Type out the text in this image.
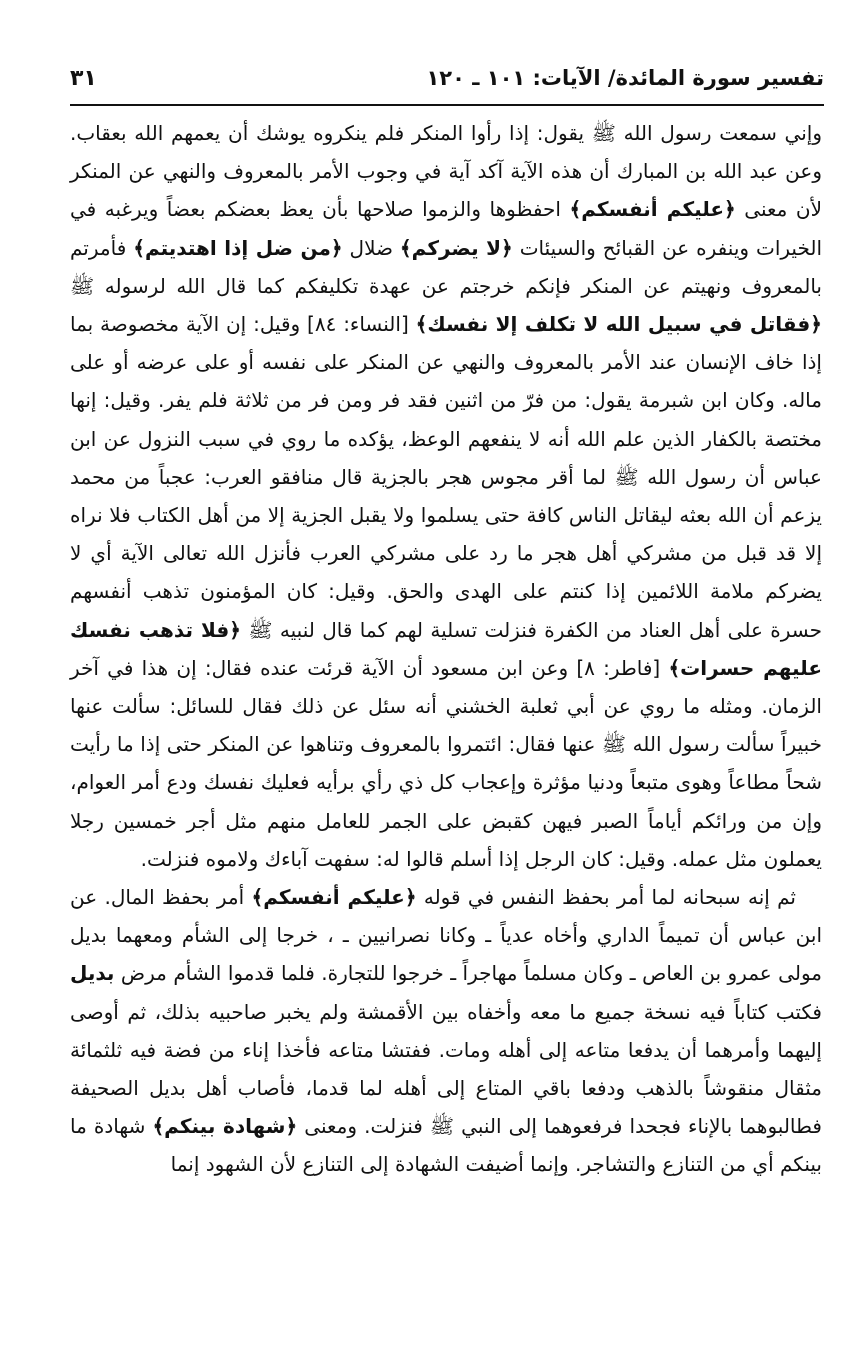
تفسير سورة المائدة/ الآيات: ١٠١ ـ ١٢٠
٣١

وإني سمعت رسول الله ﷺ يقول: إذا رأوا المنكر فلم ينكروه يوشك أن يعمهم الله بعقاب. وعن عبد الله بن المبارك أن هذه الآية آكد آية في وجوب الأمر بالمعروف والنهي عن المنكر لأن معنى ﴿عليكم أنفسكم﴾ احفظوها والزموا صلاحها بأن يعظ بعضكم بعضاً ويرغبه في الخيرات وينفره عن القبائح والسيئات ﴿لا يضركم﴾ ضلال ﴿من ضل إذا اهتديتم﴾ فأمرتم بالمعروف ونهيتم عن المنكر فإنكم خرجتم عن عهدة تكليفكم كما قال الله لرسوله ﷺ ﴿فقاتل في سبيل الله لا تكلف إلا نفسك﴾ [النساء: ٨٤] وقيل: إن الآية مخصوصة بما إذا خاف الإنسان عند الأمر بالمعروف والنهي عن المنكر على نفسه أو على عرضه أو على ماله. وكان ابن شبرمة يقول: من فرّ من اثنين فقد فر ومن فر من ثلاثة فلم يفر. وقيل: إنها مختصة بالكفار الذين علم الله أنه لا ينفعهم الوعظ، يؤكده ما روي في سبب النزول عن ابن عباس أن رسول الله ﷺ لما أقر مجوس هجر بالجزية قال منافقو العرب: عجباً من محمد يزعم أن الله بعثه ليقاتل الناس كافة حتى يسلموا ولا يقبل الجزية إلا من أهل الكتاب فلا نراه إلا قد قبل من مشركي أهل هجر ما رد على مشركي العرب فأنزل الله تعالى الآية أي لا يضركم ملامة اللائمين إذا كنتم على الهدى والحق. وقيل: كان المؤمنون تذهب أنفسهم حسرة على أهل العناد من الكفرة فنزلت تسلية لهم كما قال لنبيه ﷺ ﴿فلا تذهب نفسك عليهم حسرات﴾ [فاطر: ٨] وعن ابن مسعود أن الآية قرئت عنده فقال: إن هذا في آخر الزمان. ومثله ما روي عن أبي ثعلبة الخشني أنه سئل عن ذلك فقال للسائل: سألت عنها خبيراً سألت رسول الله ﷺ عنها فقال: ائتمروا بالمعروف وتناهوا عن المنكر حتى إذا ما رأيت شحاً مطاعاً وهوى متبعاً ودنيا مؤثرة وإعجاب كل ذي رأي برأيه فعليك نفسك ودع أمر العوام، وإن من ورائكم أياماً الصبر فيهن كقبض على الجمر للعامل منهم مثل أجر خمسين رجلا يعملون مثل عمله. وقيل: كان الرجل إذا أسلم قالوا له: سفهت آباءك ولاموه فنزلت.

ثم إنه سبحانه لما أمر بحفظ النفس في قوله ﴿عليكم أنفسكم﴾ أمر بحفظ المال. عن ابن عباس أن تميماً الداري وأخاه عدياً ـ وكانا نصرانيين ـ ، خرجا إلى الشأم ومعهما بديل مولى عمرو بن العاص ـ وكان مسلماً مهاجراً ـ خرجوا للتجارة. فلما قدموا الشأم مرض بديل فكتب كتاباً فيه نسخة جميع ما معه وأخفاه بين الأقمشة ولم يخبر صاحبيه بذلك، ثم أوصى إليهما وأمرهما أن يدفعا متاعه إلى أهله ومات. ففتشا متاعه فأخذا إناء من فضة فيه ثلثمائة مثقال منقوشاً بالذهب ودفعا باقي المتاع إلى أهله لما قدما، فأصاب أهل بديل الصحيفة فطالبوهما بالإناء فجحدا فرفعوهما إلى النبي ﷺ فنزلت. ومعنى ﴿شهادة بينكم﴾ شهادة ما بينكم أي من التنازع والتشاجر. وإنما أضيفت الشهادة إلى التنازع لأن الشهود إنما
